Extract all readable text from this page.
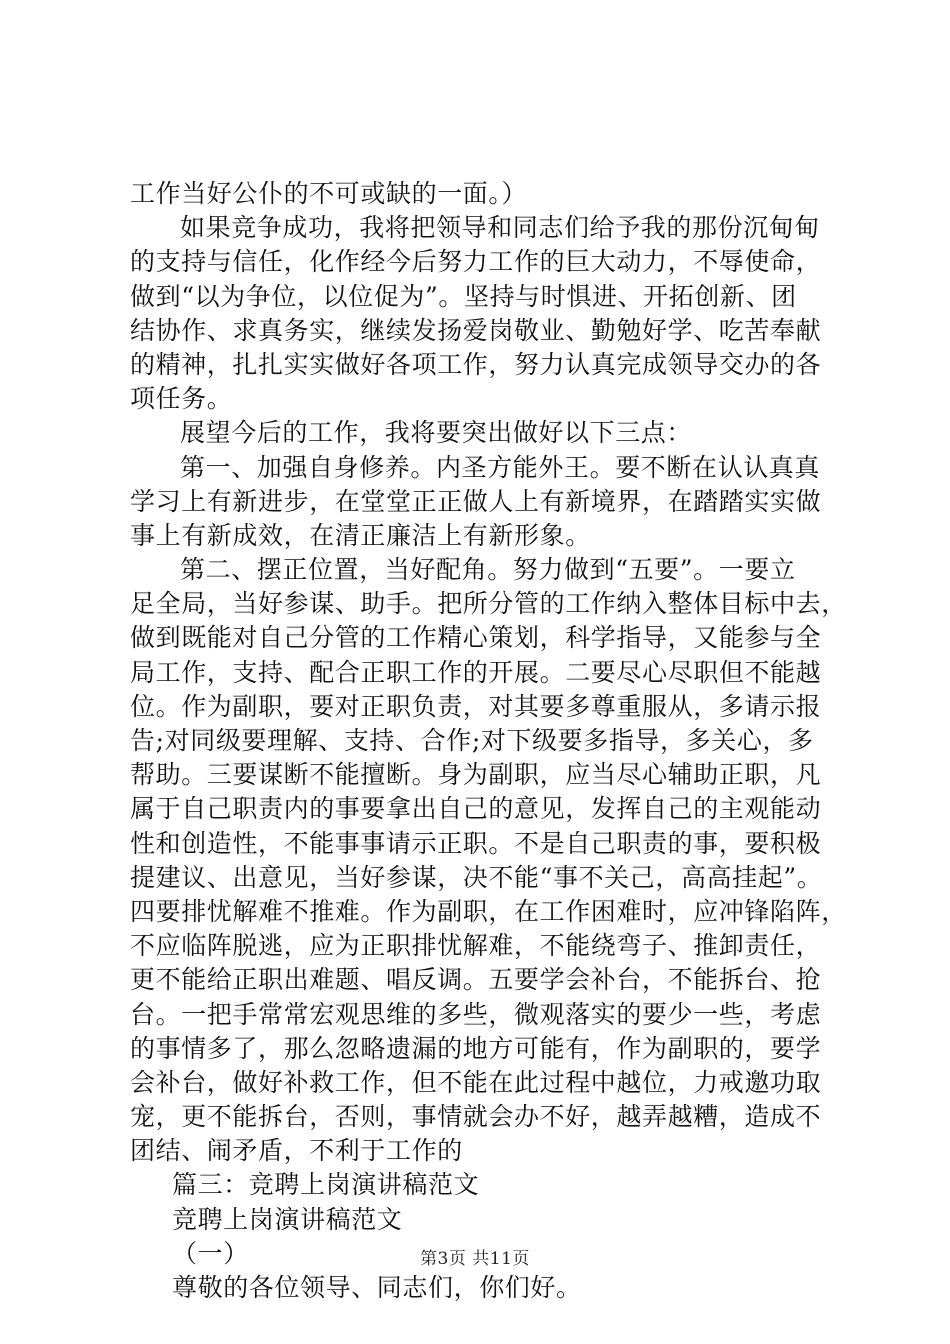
工作当好公仆的不可或缺的一面。）
如果竞争成功，我将把领导和同志们给予我的那份沉甸甸
的支持与信任，化作经今后努力工作的巨大动力，不辱使命，
做到“以为争位，以位促为”。坚持与时惧进、开拓创新、团
结协作、求真务实，继续发扬爱岗敬业、勤勉好学、吃苦奉献
的精神，扎扎实实做好各项工作，努力认真完成领导交办的各
项任务。
展望今后的工作，我将要突出做好以下三点：
第一、加强自身修养。内圣方能外王。要不断在认认真真
学习上有新进步，在堂堂正正做人上有新境界，在踏踏实实做
事上有新成效，在清正廉洁上有新形象。
第二、摆正位置，当好配角。努力做到“五要”。一要立
足全局，当好参谋、助手。把所分管的工作纳入整体目标中去，
做到既能对自己分管的工作精心策划，科学指导，又能参与全
局工作，支持、配合正职工作的开展。二要尽心尽职但不能越
位。作为副职，要对正职负责，对其要多尊重服从，多请示报
告;对同级要理解、支持、合作;对下级要多指导，多关心，多
帮助。三要谋断不能擅断。身为副职，应当尽心辅助正职，凡
属于自己职责内的事要拿出自己的意见，发挥自己的主观能动
性和创造性，不能事事请示正职。不是自己职责的事，要积极
提建议、出意见，当好参谋，决不能“事不关己，高高挂起”。
四要排忧解难不推难。作为副职，在工作困难时，应冲锋陷阵，
不应临阵脱逃，应为正职排忧解难，不能绕弯子、推卸责任，
更不能给正职出难题、唱反调。五要学会补台，不能拆台、抢
台。一把手常常宏观思维的多些，微观落实的要少一些，考虑
的事情多了，那么忽略遗漏的地方可能有，作为副职的，要学
会补台，做好补救工作，但不能在此过程中越位，力戒邀功取
宠，更不能拆台，否则，事情就会办不好，越弄越糟，造成不
团结、闹矛盾，不利于工作的
篇三：竞聘上岗演讲稿范文
竞聘上岗演讲稿范文
（一）
尊敬的各位领导、同志们，你们好。
第3页 共11页
